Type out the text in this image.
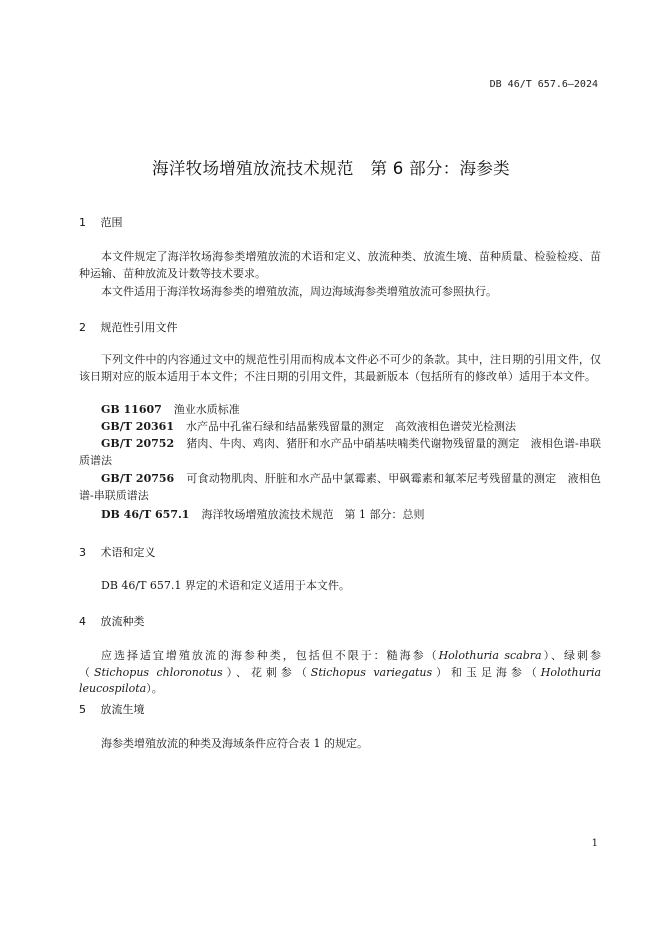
DB 46/T 657.6—2024
海洋牧场增殖放流技术规范　第 6 部分：海参类
1 范围

本文件规定了海洋牧场海参类增殖放流的术语和定义、放流种类、放流生境、苗种质量、检验检疫、苗种运输、苗种放流及计数等技术要求。

本文件适用于海洋牧场海参类的增殖放流，周边海域海参类增殖放流可参照执行。

2 规范性引用文件

下列文件中的内容通过文中的规范性引用而构成本文件必不可少的条款。其中，注日期的引用文件，仅该日期对应的版本适用于本文件；不注日期的引用文件，其最新版本（包括所有的修改单）适用于本文件。

GB 11607 渔业水质标准

GB/T 20361 水产品中孔雀石绿和结晶紫残留量的测定　高效液相色谱荧光检测法

GB/T 20752 猪肉、牛肉、鸡肉、猪肝和水产品中硝基呋喃类代谢物残留量的测定　液相色谱-串联质谱法

GB/T 20756 可食动物肌肉、肝脏和水产品中氯霉素、甲砜霉素和氟苯尼考残留量的测定　液相色谱-串联质谱法

DB 46/T 657.1 海洋牧场增殖放流技术规范　第 1 部分：总则

3 术语和定义

DB 46/T 657.1 界定的术语和定义适用于本文件。

4 放流种类

应选择适宜增殖放流的海参种类，包括但不限于：糙海参（Holothuria scabra）、绿刺参（Stichopus chloronotus）、花刺参（Stichopus variegatus）和玉足海参（Holothuria leucospilota）。

5 放流生境

海参类增殖放流的种类及海域条件应符合表 1 的规定。

1
